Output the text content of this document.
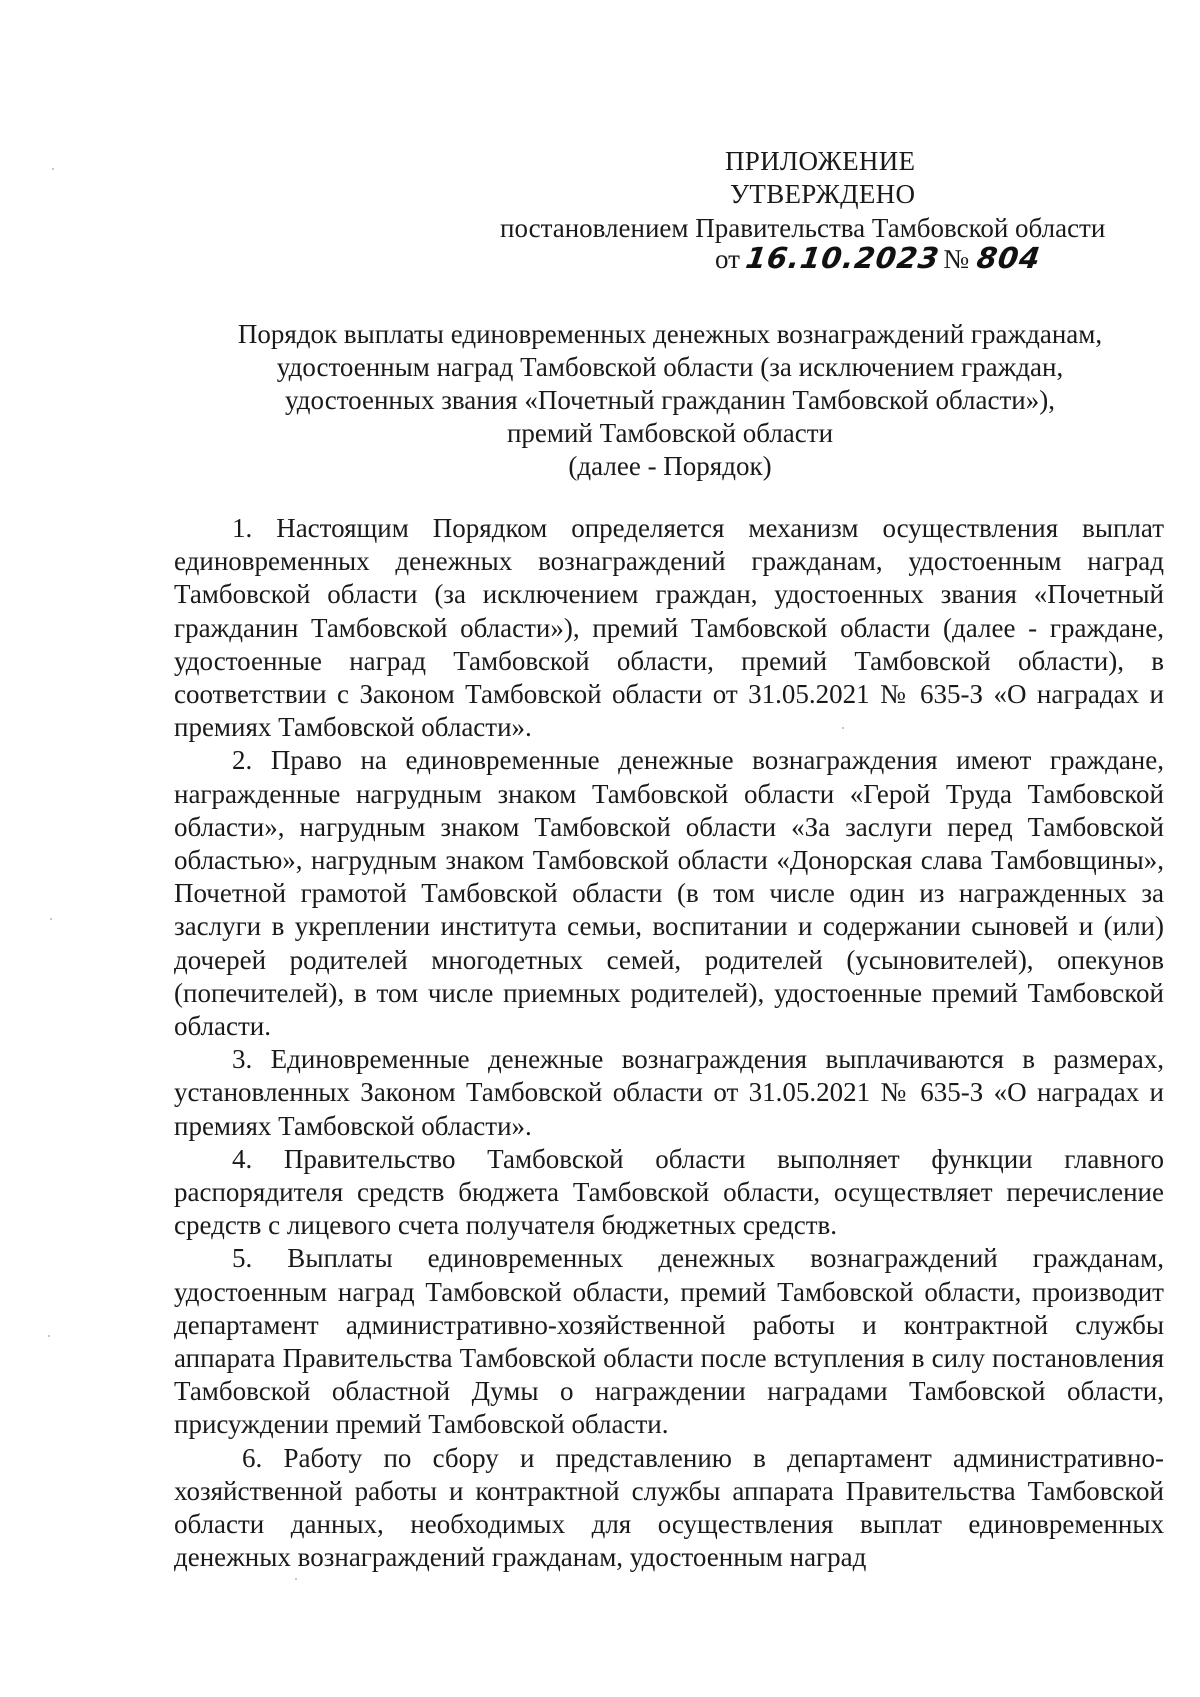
ПРИЛОЖЕНИЕ
УТВЕРЖДЕНО
постановлением Правительства Тамбовской области
от 16.10.2023№ 804
Порядок выплаты единовременных денежных вознаграждений гражданам,
удостоенным наград Тамбовской области (за исключением граждан,
удостоенных звания «Почетный гражданин Тамбовской области»),
премий Тамбовской области
(далее - Порядок)

1. Настоящим Порядком определяется механизм осуществления выплат единовременных денежных вознаграждений гражданам, удостоенным наград Тамбовской области (за исключением граждан, удостоенных звания «Почетный гражданин Тамбовской области»), премий Тамбовской области (далее - граждане, удостоенные наград Тамбовской области, премий Тамбовской области), в соответствии с Законом Тамбовской области от 31.05.2021 № 635-З «О наградах и премиях Тамбовской области».

2. Право на единовременные денежные вознаграждения имеют граждане, награжденные нагрудным знаком Тамбовской области «Герой Труда Тамбовской области», нагрудным знаком Тамбовской области «За заслуги перед Тамбовской областью», нагрудным знаком Тамбовской области «Донорская слава Тамбовщины», Почетной грамотой Тамбовской области (в том числе один из награжденных за заслуги в укреплении института семьи, воспитании и содержании сыновей и (или) дочерей родителей многодетных семей, родителей (усыновителей), опекунов (попечителей), в том числе приемных родителей), удостоенные премий Тамбовской области.

3. Единовременные денежные вознаграждения выплачиваются в размерах, установленных Законом Тамбовской области от 31.05.2021 № 635-З «О наградах и премиях Тамбовской области».

4. Правительство Тамбовской области выполняет функции главного распорядителя средств бюджета Тамбовской области, осуществляет перечисление средств с лицевого счета получателя бюджетных средств.

5. Выплаты единовременных денежных вознаграждений гражданам, удостоенным наград Тамбовской области, премий Тамбовской области, производит департамент административно-хозяйственной работы и контрактной службы аппарата Правительства Тамбовской области после вступления в силу постановления Тамбовской областной Думы о награждении наградами Тамбовской области, присуждении премий Тамбовской области.

6. Работу по сбору и представлению в департамент административно-хозяйственной работы и контрактной службы аппарата Правительства Тамбовской области данных, необходимых для осуществления выплат единовременных денежных вознаграждений гражданам, удостоенным наград
